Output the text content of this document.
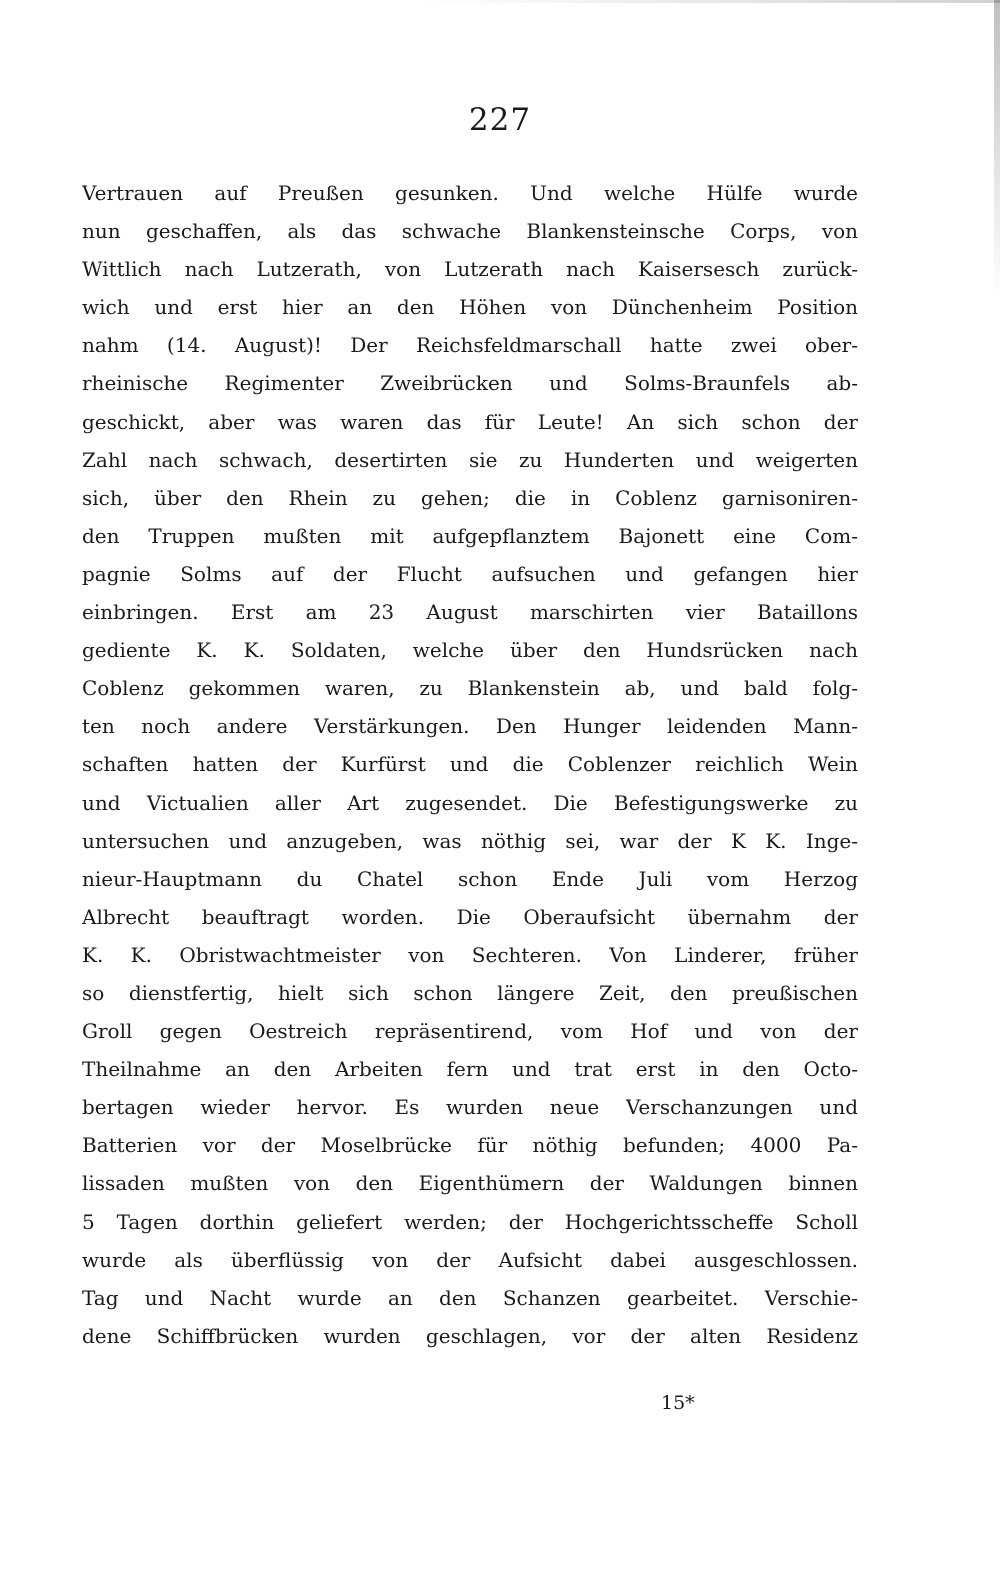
227
Vertrauen auf Preußen gesunken. Und welche Hülfe wurde
nun geschaffen, als das schwache Blankensteinsche Corps, von
Wittlich nach Lutzerath, von Lutzerath nach Kaisersesch zurück-
wich und erst hier an den Höhen von Dünchenheim Position
nahm (14. August)! Der Reichsfeldmarschall hatte zwei ober-
rheinische Regimenter Zweibrücken und Solms-Braunfels ab-
geschickt, aber was waren das für Leute! An sich schon der
Zahl nach schwach, desertirten sie zu Hunderten und weigerten
sich, über den Rhein zu gehen; die in Coblenz garnisoniren-
den Truppen mußten mit aufgepflanztem Bajonett eine Com-
pagnie Solms auf der Flucht aufsuchen und gefangen hier
einbringen. Erst am 23 August marschirten vier Bataillons
gediente K. K. Soldaten, welche über den Hundsrücken nach
Coblenz gekommen waren, zu Blankenstein ab, und bald folg-
ten noch andere Verstärkungen. Den Hunger leidenden Mann-
schaften hatten der Kurfürst und die Coblenzer reichlich Wein
und Victualien aller Art zugesendet. Die Befestigungswerke zu
untersuchen und anzugeben, was nöthig sei, war der K K. Inge-
nieur-Hauptmann du Chatel schon Ende Juli vom Herzog
Albrecht beauftragt worden. Die Oberaufsicht übernahm der
K. K. Obristwachtmeister von Sechteren. Von Linderer, früher
so dienstfertig, hielt sich schon längere Zeit, den preußischen
Groll gegen Oestreich repräsentirend, vom Hof und von der
Theilnahme an den Arbeiten fern und trat erst in den Octo-
bertagen wieder hervor. Es wurden neue Verschanzungen und
Batterien vor der Moselbrücke für nöthig befunden; 4000 Pa-
lissaden mußten von den Eigenthümern der Waldungen binnen
5 Tagen dorthin geliefert werden; der Hochgerichtsscheffe Scholl
wurde als überflüssig von der Aufsicht dabei ausgeschlossen.
Tag und Nacht wurde an den Schanzen gearbeitet. Verschie-
dene Schiffbrücken wurden geschlagen, vor der alten Residenz
15*
